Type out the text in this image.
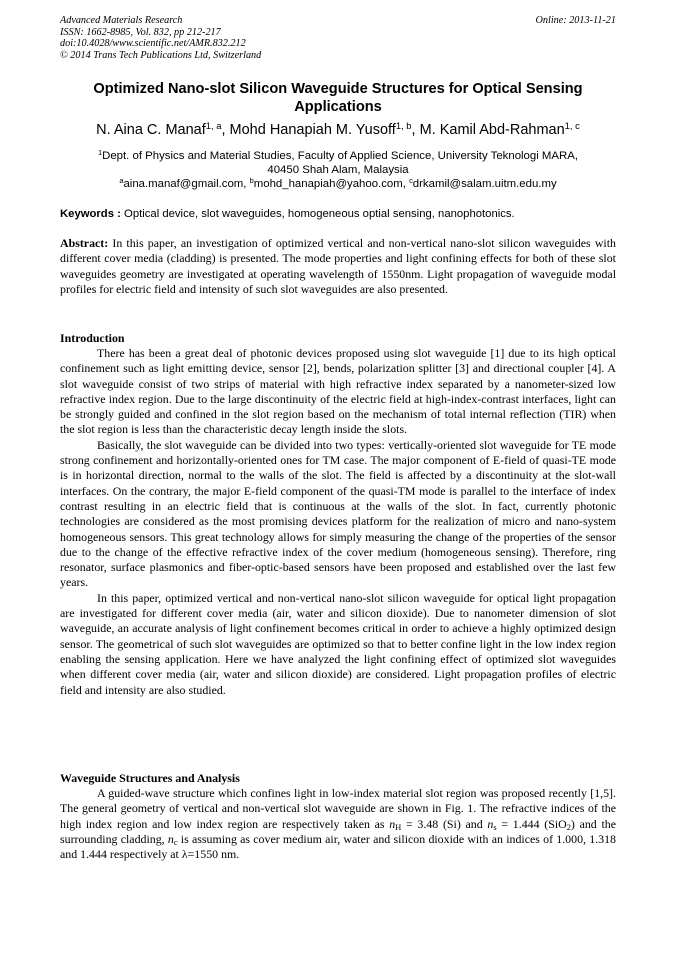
Advanced Materials Research
ISSN: 1662-8985, Vol. 832, pp 212-217
doi:10.4028/www.scientific.net/AMR.832.212
© 2014 Trans Tech Publications Ltd, Switzerland
Online: 2013-11-21
Optimized Nano-slot Silicon Waveguide Structures for Optical Sensing Applications
N. Aina C. Manaf$^{1, a}$, Mohd Hanapiah M. Yusoff$^{1, b}$, M. Kamil Abd-Rahman$^{1, c}$
$^1$Dept. of Physics and Material Studies, Faculty of Applied Science, University Teknologi MARA,
40450 Shah Alam, Malaysia
$^a$aina.manaf@gmail.com, $^b$mohd_hanapiah@yahoo.com, $^c$drkamil@salam.uitm.edu.my
Keywords : Optical device, slot waveguides, homogeneous optial sensing, nanophotonics.
Abstract: In this paper, an investigation of optimized vertical and non-vertical nano-slot silicon waveguides with different cover media (cladding) is presented. The mode properties and light confining effects for both of these slot waveguides geometry are investigated at operating wavelength of 1550nm. Light propagation of waveguide modal profiles for electric field and intensity of such slot waveguides are also presented.
Introduction

There has been a great deal of photonic devices proposed using slot waveguide [1] due to its high optical confinement such as light emitting device, sensor [2], bends, polarization splitter [3] and directional coupler [4]. A slot waveguide consist of two strips of material with high refractive index separated by a nanometer-sized low refractive index region. Due to the large discontinuity of the electric field at high-index-contrast interfaces, light can be strongly guided and confined in the slot region based on the mechanism of total internal reflection (TIR) when the slot region is less than the characteristic decay length inside the slots.

Basically, the slot waveguide can be divided into two types: vertically-oriented slot waveguide for TE mode strong confinement and horizontally-oriented ones for TM case. The major component of E-field of quasi-TE mode is in horizontal direction, normal to the walls of the slot. The field is affected by a discontinuity at the slot-wall interfaces. On the contrary, the major E-field component of the quasi-TM mode is parallel to the interface of index contrast resulting in an electric field that is continuous at the walls of the slot. In fact, currently photonic technologies are considered as the most promising devices platform for the realization of micro and nano-system homogeneous sensors. This great technology allows for simply measuring the change of the properties of the sensor due to the change of the effective refractive index of the cover medium (homogeneous sensing). Therefore, ring resonator, surface plasmonics and fiber-optic-based sensors have been proposed and established over the last few years.

In this paper, optimized vertical and non-vertical nano-slot silicon waveguide for optical light propagation are investigated for different cover media (air, water and silicon dioxide). Due to nanometer dimension of slot waveguide, an accurate analysis of light confinement becomes critical in order to achieve a highly optimized design sensor. The geometrical of such slot waveguides are optimized so that to better confine light in the low index region enabling the sensing application. Here we have analyzed the light confining effect of optimized slot waveguides when different cover media (air, water and silicon dioxide) are considered. Light propagation profiles of electric field and intensity are also studied.

Waveguide Structures and Analysis

A guided-wave structure which confines light in low-index material slot region was proposed recently [1,5]. The general geometry of vertical and non-vertical slot waveguide are shown in Fig. 1. The refractive indices of the high index region and low index region are respectively taken as $n_H = 3.48$ (Si) and $n_s = 1.444$ (SiO$_2$) and the surrounding cladding, $n_c$ is assuming as cover medium air, water and silicon dioxide with an indices of 1.000, 1.318 and 1.444 respectively at λ=1550 nm.
